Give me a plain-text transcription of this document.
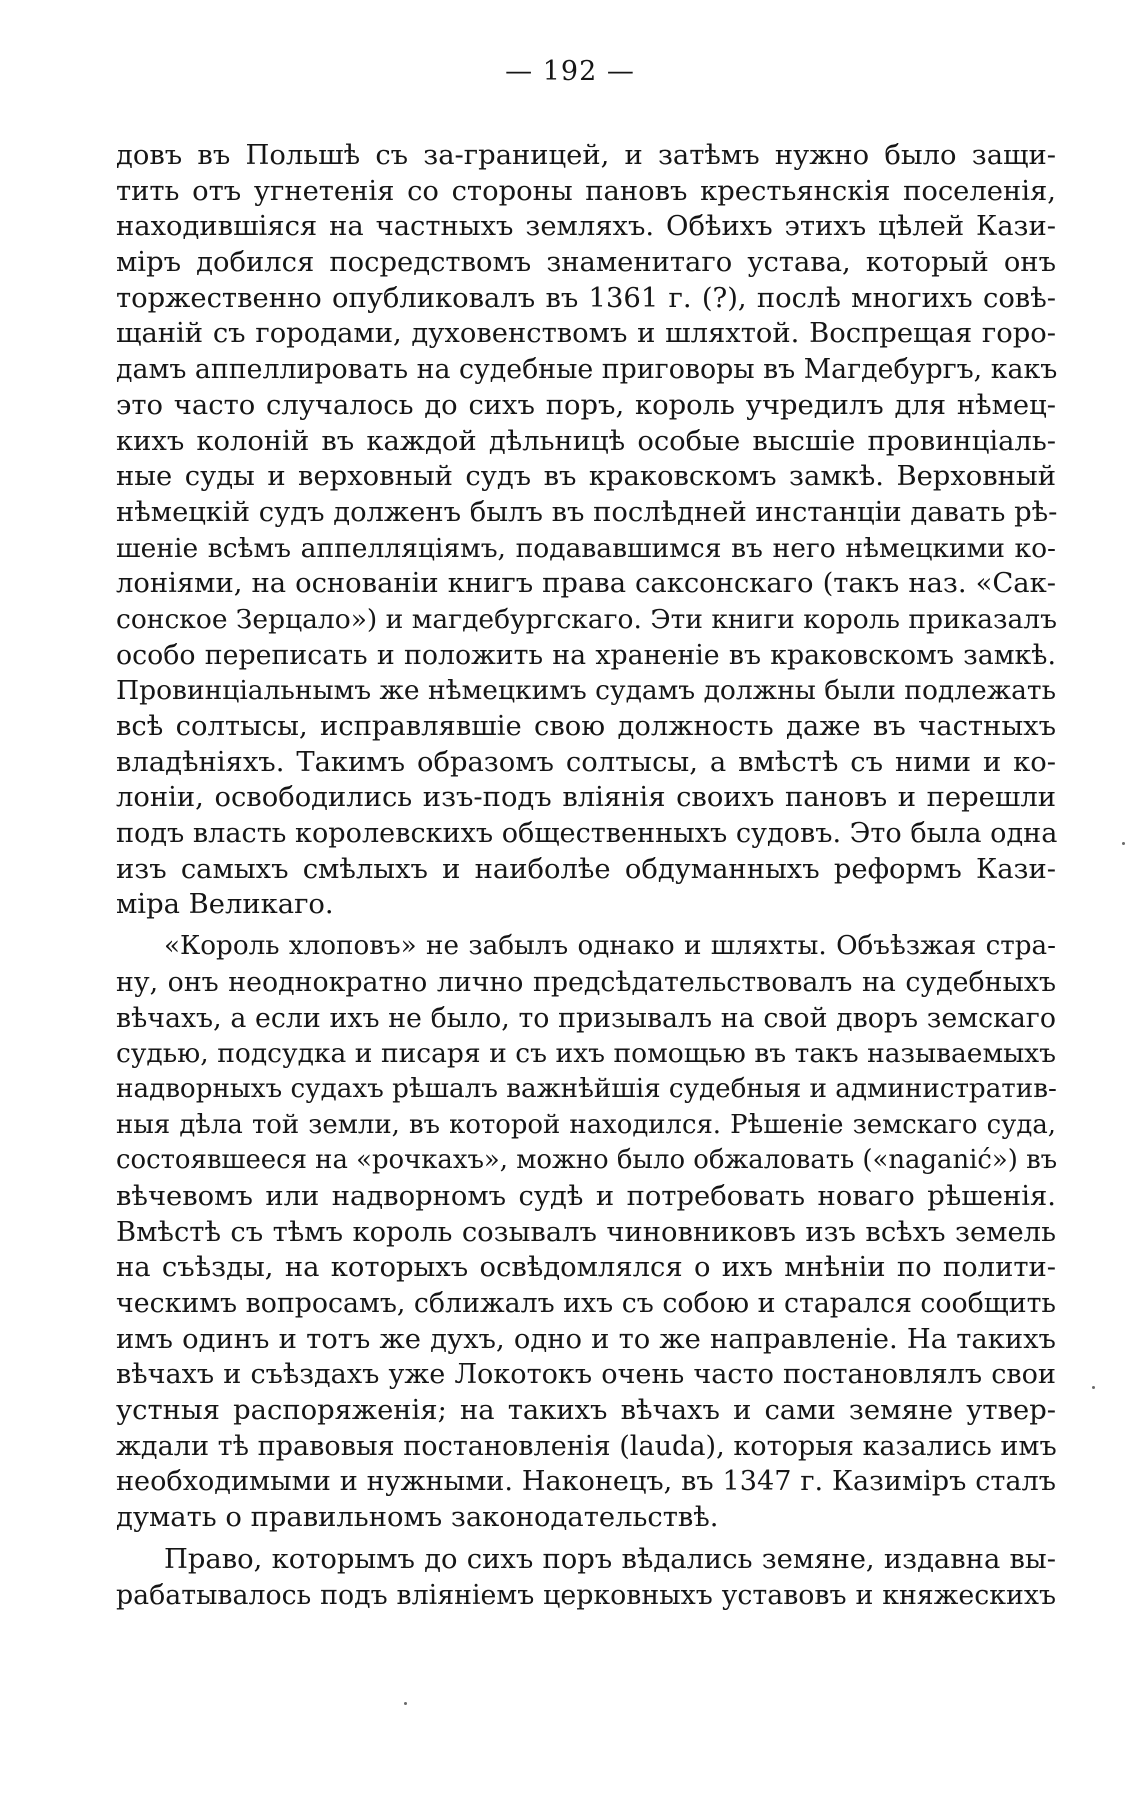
— 192 —
довъ въ Польшѣ съ за-границей, и затѣмъ нужно было защи-
тить отъ угнетенія со стороны пановъ крестьянскія поселенія,
находившіяся на частныхъ земляхъ. Обѣихъ этихъ цѣлей Кази-
міръ добился посредствомъ знаменитаго устава, который онъ
торжественно опубликовалъ въ 1361 г. (?), послѣ многихъ совѣ-
щаній съ городами, духовенствомъ и шляхтой. Воспрещая горо-
дамъ аппеллировать на судебные приговоры въ Магдебургъ, какъ
это часто случалось до сихъ поръ, король учредилъ для нѣмец-
кихъ колоній въ каждой дѣльницѣ особые высшіе провинціаль-
ные суды и верховный судъ въ краковскомъ замкѣ. Верховный
нѣмецкій судъ долженъ былъ въ послѣдней инстанціи давать рѣ-
шеніе всѣмъ аппелляціямъ, подававшимся въ него нѣмецкими ко-
лоніями, на основаніи книгъ права саксонскаго (такъ наз. «Сак-
сонское Зерцало») и магдебургскаго. Эти книги король приказалъ
особо переписать и положить на храненіе въ краковскомъ замкѣ.
Провинціальнымъ же нѣмецкимъ судамъ должны были подлежать
всѣ солтысы, исправлявшіе свою должность даже въ частныхъ
владѣніяхъ. Такимъ образомъ солтысы, а вмѣстѣ съ ними и ко-
лоніи, освободились изъ-подъ вліянія своихъ пановъ и перешли
подъ власть королевскихъ общественныхъ судовъ. Это была одна
изъ самыхъ смѣлыхъ и наиболѣе обдуманныхъ реформъ Кази-
міра Великаго.
«Король хлоповъ» не забылъ однако и шляхты. Объѣзжая стра-
ну, онъ неоднократно лично предсѣдательствовалъ на судебныхъ
вѣчахъ, а если ихъ не было, то призывалъ на свой дворъ земскаго
судью, подсудка и писаря и съ ихъ помощью въ такъ называемыхъ
надворныхъ судахъ рѣшалъ важнѣйшія судебныя и административ-
ныя дѣла той земли, въ которой находился. Рѣшеніе земскаго суда,
состоявшееся на «рочкахъ», можно было обжаловать («naganić») въ
вѣчевомъ или надворномъ судѣ и потребовать новаго рѣшенія.
Вмѣстѣ съ тѣмъ король созывалъ чиновниковъ изъ всѣхъ земель
на съѣзды, на которыхъ освѣдомлялся о ихъ мнѣніи по полити-
ческимъ вопросамъ, сближалъ ихъ съ собою и старался сообщить
имъ одинъ и тотъ же духъ, одно и то же направленіе. На такихъ
вѣчахъ и съѣздахъ уже Локотокъ очень часто постановлялъ свои
устныя распоряженія; на такихъ вѣчахъ и сами земяне утвер-
ждали тѣ правовыя постановленія (laudа), которыя казались имъ
необходимыми и нужными. Наконецъ, въ 1347 г. Казиміръ сталъ
думать о правильномъ законодательствѣ.
Право, которымъ до сихъ поръ вѣдались земяне, издавна вы-
рабатывалось подъ вліяніемъ церковныхъ уставовъ и княжескихъ
